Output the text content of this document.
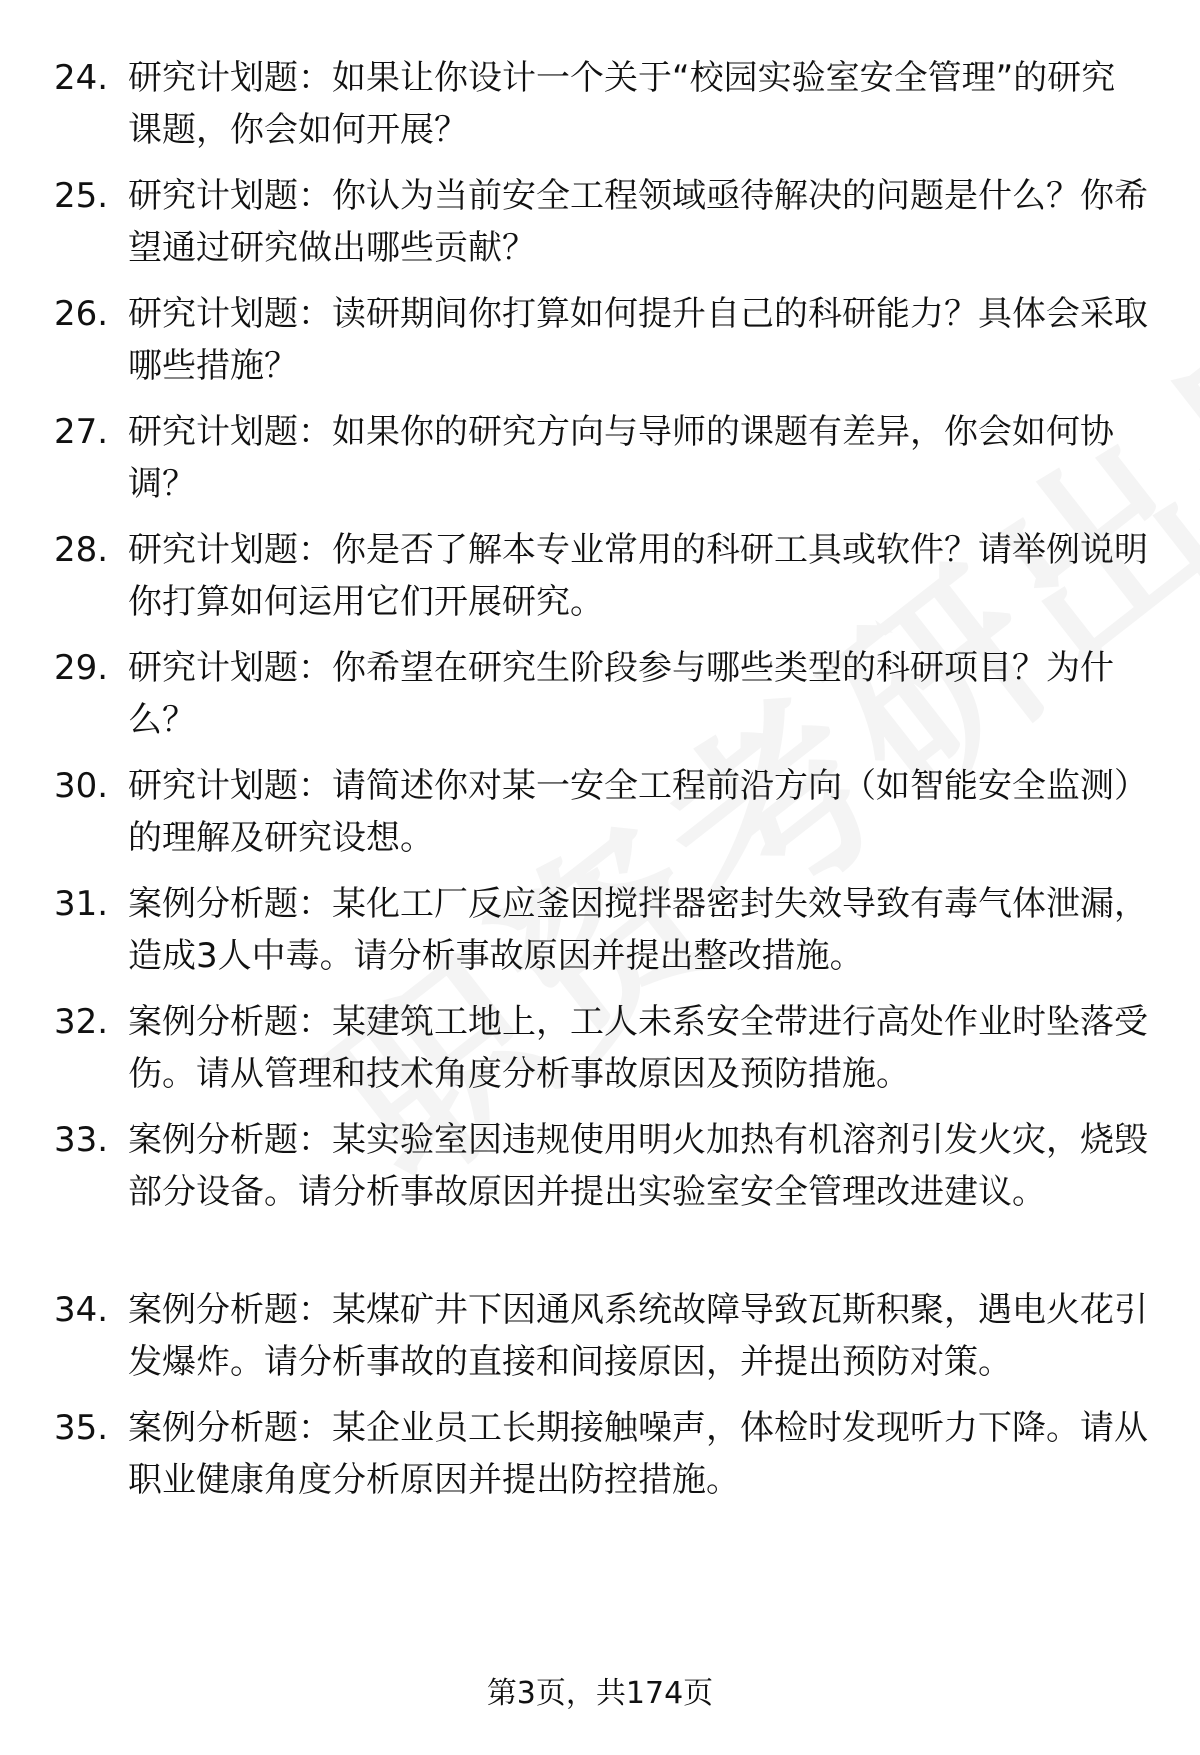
24. 研究计划题：如果让你设计一个关于“校园实验室安全管理”的研究课题，你会如何开展？
25. 研究计划题：你认为当前安全工程领域亟待解决的问题是什么？你希望通过研究做出哪些贡献？
26. 研究计划题：读研期间你打算如何提升自己的科研能力？具体会采取哪些措施？
27. 研究计划题：如果你的研究方向与导师的课题有差异，你会如何协调？
28. 研究计划题：你是否了解本专业常用的科研工具或软件？请举例说明你打算如何运用它们开展研究。
29. 研究计划题：你希望在研究生阶段参与哪些类型的科研项目？为什么？
30. 研究计划题：请简述你对某一安全工程前沿方向（如智能安全监测）的理解及研究设想。
31. 案例分析题：某化工厂反应釜因搅拌器密封失效导致有毒气体泄漏，造成3人中毒。请分析事故原因并提出整改措施。
32. 案例分析题：某建筑工地上，工人未系安全带进行高处作业时坠落受伤。请从管理和技术角度分析事故原因及预防措施。
33. 案例分析题：某实验室因违规使用明火加热有机溶剂引发火灾，烧毁部分设备。请分析事故原因并提出实验室安全管理改进建议。
34. 案例分析题：某煤矿井下因通风系统故障导致瓦斯积聚，遇电火花引发爆炸。请分析事故的直接和间接原因，并提出预防对策。
35. 案例分析题：某企业员工长期接触噪声，体检时发现听力下降。请从职业健康角度分析原因并提出防控措施。
第3页，共174页
